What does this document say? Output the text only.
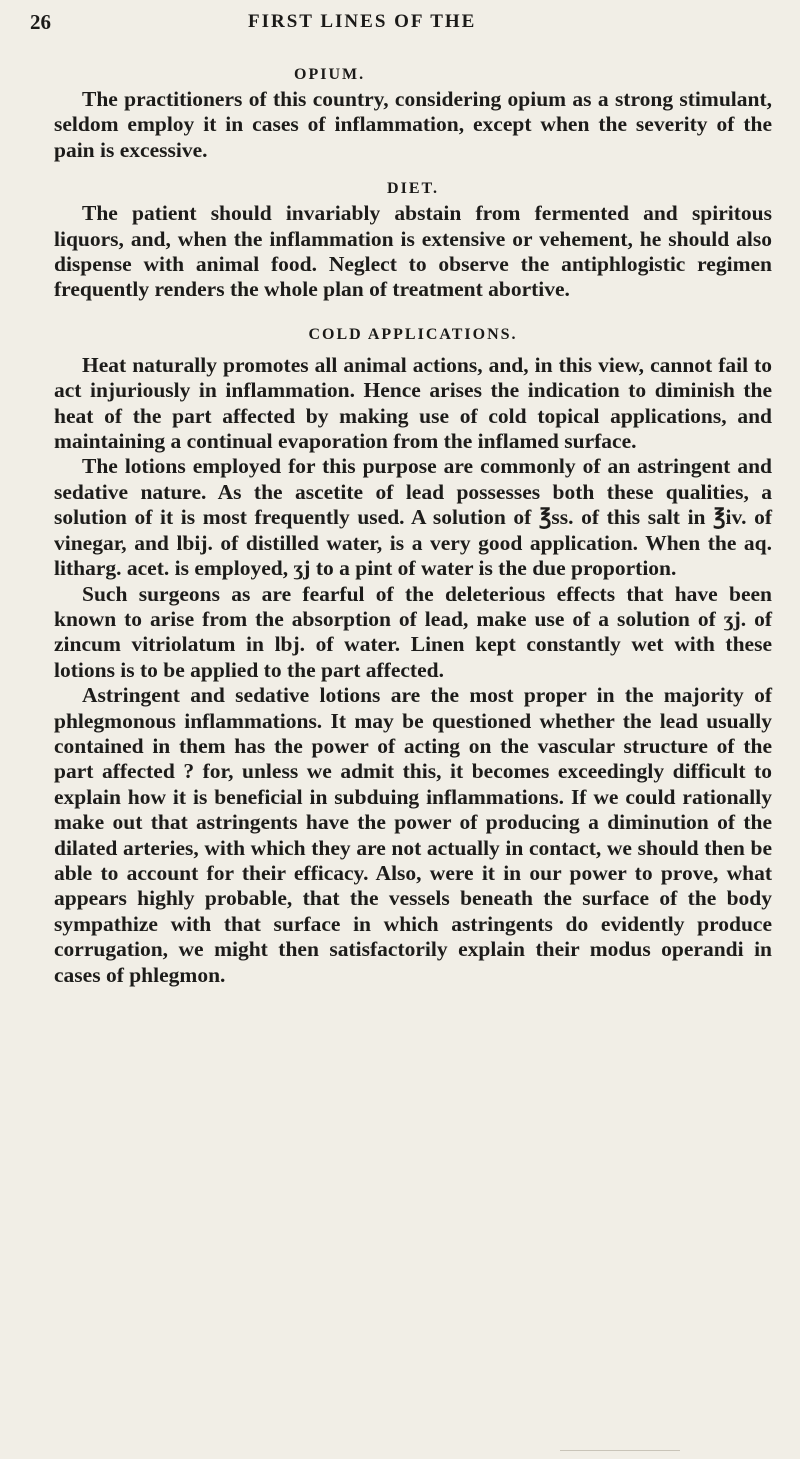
26	FIRST LINES OF THE
OPIUM.

The practitioners of this country, considering opium as a strong stimulant, seldom employ it in cases of inflammation, except when the severity of the pain is excessive.

DIET.

The patient should invariably abstain from fermented and spiritous liquors, and, when the inflammation is extensive or vehement, he should also dispense with animal food. Neglect to observe the antiphlogistic regimen frequently renders the whole plan of treatment abortive.

COLD APPLICATIONS.

Heat naturally promotes all animal actions, and, in this view, cannot fail to act injuriously in inflammation. Hence arises the indication to diminish the heat of the part affected by making use of cold topical applications, and maintaining a continual evaporation from the inflamed surface.

The lotions employed for this purpose are commonly of an astringent and sedative nature. As the ascetite of lead possesses both these qualities, a solution of it is most frequently used. A solution of ℥ss. of this salt in ℥iv. of vinegar, and lbij. of distilled water, is a very good application. When the aq. litharg. acet. is employed, ʒj to a pint of water is the due proportion.

Such surgeons as are fearful of the deleterious effects that have been known to arise from the absorption of lead, make use of a solution of ʒj. of zincum vitriolatum in lbj. of water. Linen kept constantly wet with these lotions is to be applied to the part affected.

Astringent and sedative lotions are the most proper in the majority of phlegmonous inflammations. It may be questioned whether the lead usually contained in them has the power of acting on the vascular structure of the part affected ? for, unless we admit this, it becomes exceedingly difficult to explain how it is beneficial in subduing inflammations. If we could rationally make out that astringents have the power of producing a diminution of the dilated arteries, with which they are not actually in contact, we should then be able to account for their efficacy. Also, were it in our power to prove, what appears highly probable, that the vessels beneath the surface of the body sympathize with that surface in which astringents do evidently produce corrugation, we might then satisfactorily explain their modus operandi in cases of phlegmon.
